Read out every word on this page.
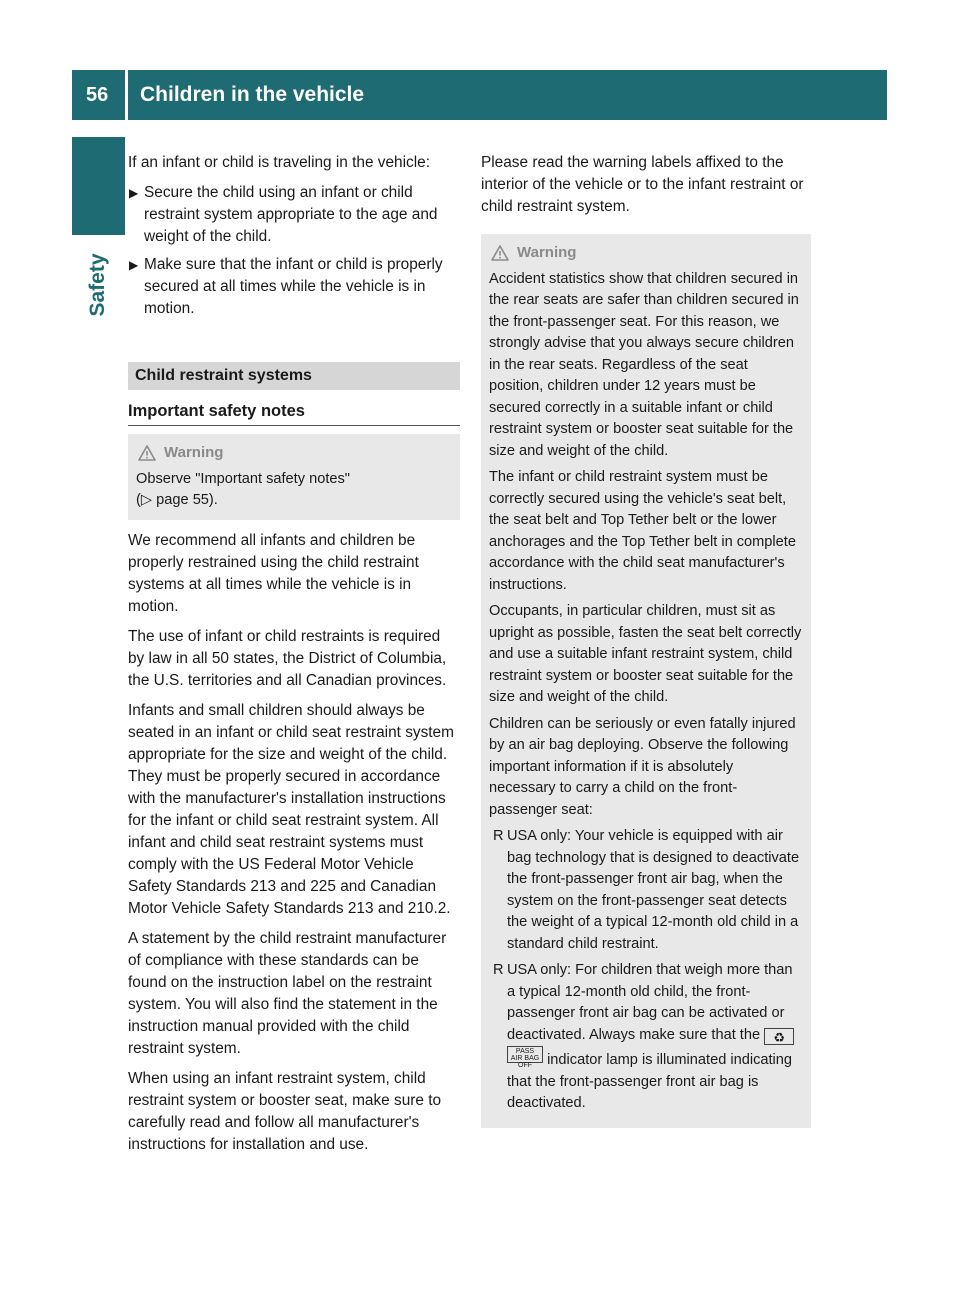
56	Children in the vehicle
Safety

If an infant or child is traveling in the vehicle:

▶ Secure the child using an infant or child restraint system appropriate to the age and weight of the child.
▶ Make sure that the infant or child is properly secured at all times while the vehicle is in motion.
Child restraint systems
Important safety notes
Warning
Observe "Important safety notes"
(▷ page 55).

We recommend all infants and children be properly restrained using the child restraint systems at all times while the vehicle is in motion.

The use of infant or child restraints is required by law in all 50 states, the District of Columbia, the U.S. territories and all Canadian provinces.

Infants and small children should always be seated in an infant or child seat restraint system appropriate for the size and weight of the child. They must be properly secured in accordance with the manufacturer's installation instructions for the infant or child seat restraint system. All infant and child seat restraint systems must comply with the US Federal Motor Vehicle Safety Standards 213 and 225 and Canadian Motor Vehicle Safety Standards 213 and 210.2.

A statement by the child restraint manufacturer of compliance with these standards can be found on the instruction label on the restraint system. You will also find the statement in the instruction manual provided with the child restraint system.

When using an infant restraint system, child restraint system or booster seat, make sure to carefully read and follow all manufacturer's instructions for installation and use.

Please read the warning labels affixed to the interior of the vehicle or to the infant restraint or child restraint system.

Warning

Accident statistics show that children secured in the rear seats are safer than children secured in the front-passenger seat. For this reason, we strongly advise that you always secure children in the rear seats. Regardless of the seat position, children under 12 years must be secured correctly in a suitable infant or child restraint system or booster seat suitable for the size and weight of the child.

The infant or child restraint system must be correctly secured using the vehicle's seat belt, the seat belt and Top Tether belt or the lower anchorages and the Top Tether belt in complete accordance with the child seat manufacturer's instructions.

Occupants, in particular children, must sit as upright as possible, fasten the seat belt correctly and use a suitable infant restraint system, child restraint system or booster seat suitable for the size and weight of the child.

Children can be seriously or even fatally injured by an air bag deploying. Observe the following important information if it is absolutely necessary to carry a child on the front-passenger seat:

R USA only: Your vehicle is equipped with air bag technology that is designed to deactivate the front-passenger front air bag, when the system on the front-passenger seat detects the weight of a typical 12-month old child in a standard child restraint.
R USA only: For children that weigh more than a typical 12-month old child, the front-passenger front air bag can be activated or deactivated. Always make sure that the ♻PASS
AIR BAG OFF indicator lamp is illuminated indicating that the front-passenger front air bag is deactivated.
